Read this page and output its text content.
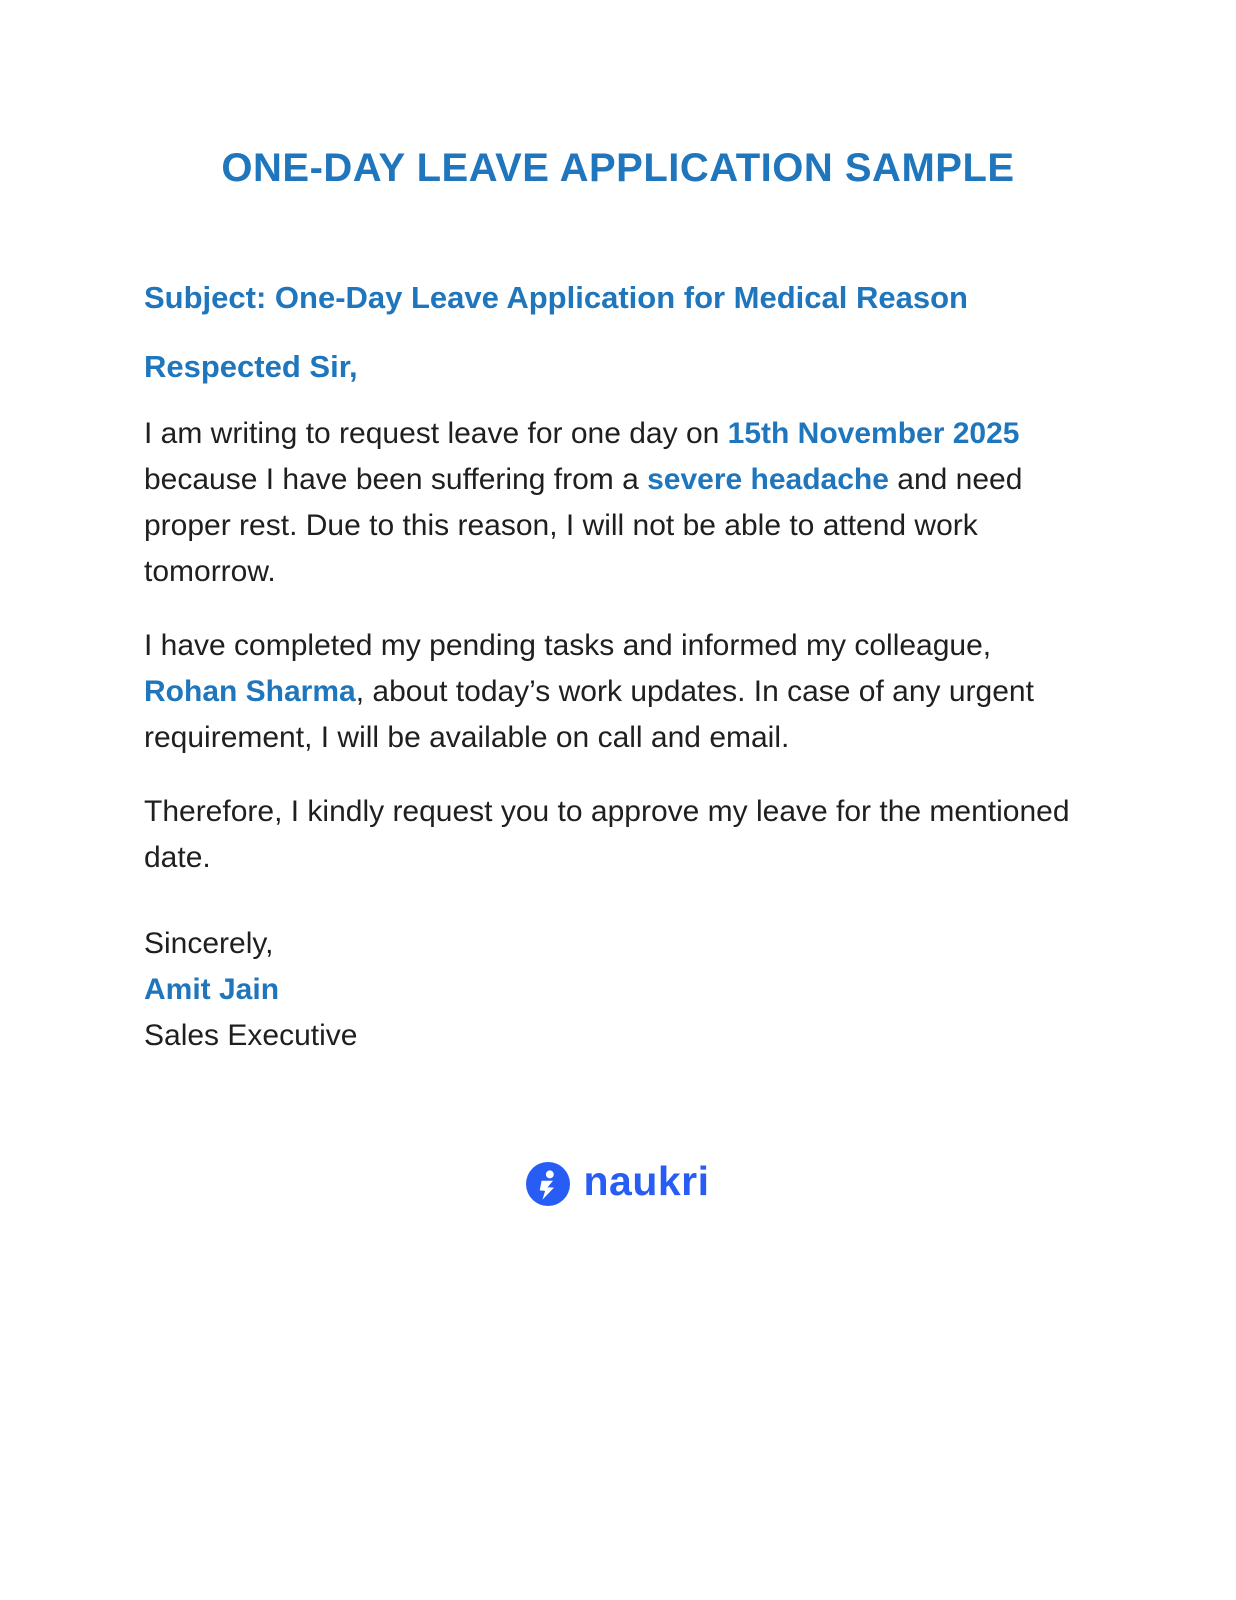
ONE-DAY LEAVE APPLICATION SAMPLE

Subject: One-Day Leave Application for Medical Reason

Respected Sir,

I am writing to request leave for one day on 15th November 2025 because I have been suffering from a severe headache and need proper rest. Due to this reason, I will not be able to attend work tomorrow.

I have completed my pending tasks and informed my colleague, Rohan Sharma, about today’s work updates. In case of any urgent requirement, I will be available on call and email.

Therefore, I kindly request you to approve my leave for the mentioned date.

Sincerely,
Amit Jain
Sales Executive
naukri
